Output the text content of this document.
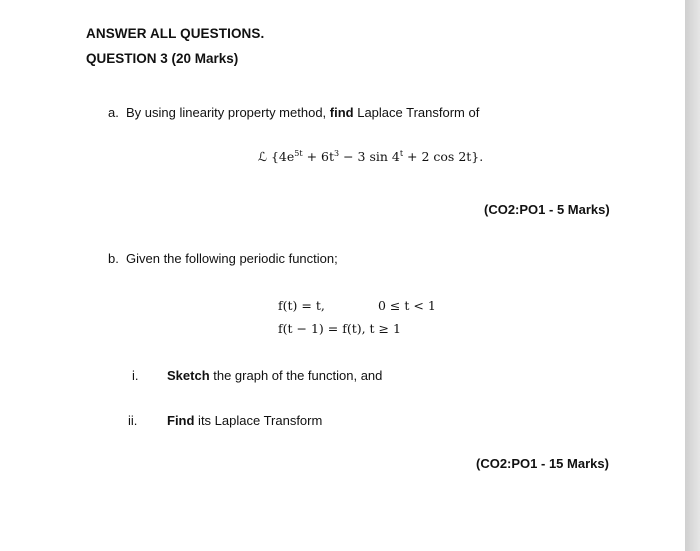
ANSWER ALL QUESTIONS.
QUESTION 3 (20 Marks)
a. By using linearity property method, find Laplace Transform of
ℒ {$4e^{5t} + 6t^3 - 3$ $\sin 4^t + 2$ cos 2t}.
(CO2:PO1 - 5 Marks)
b. Given the following periodic function;
f(t) = t,	0 ≤ t < 1
f(t − 1) = f(t), t ≥ 1
i. Sketch the graph of the function, and
ii. Find its Laplace Transform
(CO2:PO1 - 15 Marks)
